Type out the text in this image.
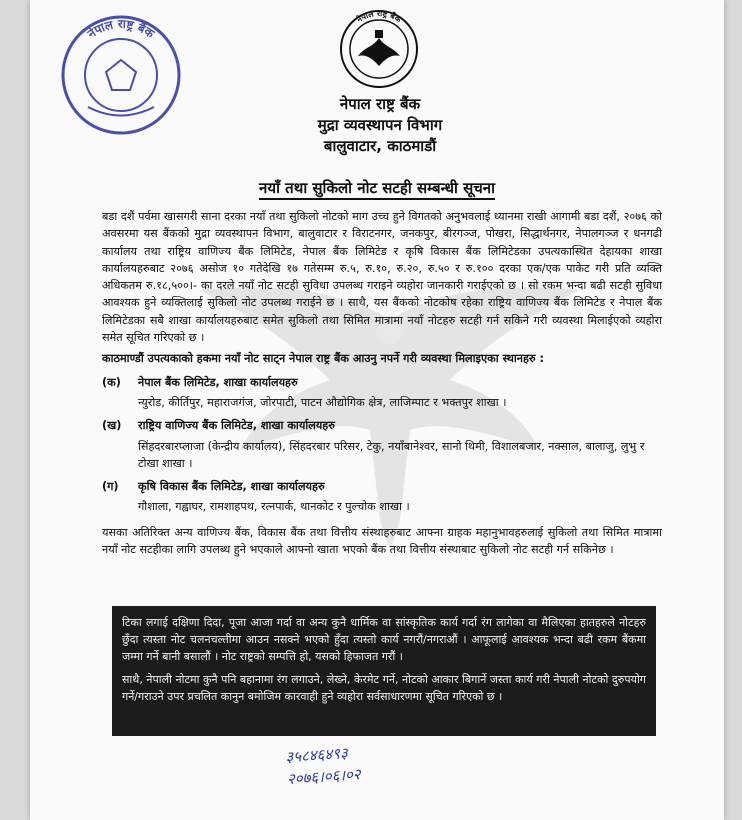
नेपाल राष्ट्र बैंक
नेपाल राष्ट्र बैंक
नेपाल राष्ट्र बैंक
मुद्रा व्यवस्थापन विभाग
बालुवाटार, काठमाडौं
नयाँ तथा सुकिलो नोट सटही सम्बन्धी सूचना

बडा दशैं पर्वमा खासगरी साना दरका नयाँ तथा सुकिलो नोटको माग उच्च हुने विगतको अनुभवलाई ध्यानमा राखी आगामी बडा दशैं, २०७६ को अवसरमा यस बैंकको मुद्रा व्यवस्थापन विभाग, बालुवाटार र विराटनगर, जनकपुर, बीरगञ्ज, पोखरा, सिद्धार्थनगर, नेपालगञ्ज र धनगढी कार्यालय तथा राष्ट्रिय वाणिज्य बैंक लिमिटेड, नेपाल बैंक लिमिटेड र कृषि विकास बैंक लिमिटेडका उपत्यकास्थित देहायका शाखा कार्यालयहरुबाट २०७६ असोज १० गतेदेखि १७ गतेसम्म रु.५, रु.१०, रु.२०, रु.५० र रु.१०० दरका एक/एक पाकेट गरी प्रति व्यक्ति अधिकतम रु.१८,५००।- का दरले नयाँ नोट सटही सुविधा उपलब्ध गराइने व्यहोरा जानकारी गराईएको छ । सो रकम भन्दा बढी सटही सुविधा आवश्यक हुने व्यक्तिलाई सुकिलो नोट उपलब्ध गराईने छ । साथै, यस बैंकको नोटकोष रहेका राष्ट्रिय वाणिज्य बैंक लिमिटेड र नेपाल बैंक लिमिटेडका सबै शाखा कार्यालयहरुबाट समेत सुकिलो तथा सिमित मात्रामा नयाँ नोटहरु सटही गर्न सकिने गरी व्यवस्था मिलाईएको व्यहोरा समेत सूचित गरिएको छ ।

काठमाण्डौं उपत्यकाको हकमा नयाँ नोट साट्न नेपाल राष्ट्र बैंक आउनु नपर्ने गरी व्यवस्था मिलाइएका स्थानहरु :
(क)	नेपाल बैंक लिमिटेड, शाखा कार्यालयहरु
न्युरोड, कीर्तिपुर, महाराजगंज, जोरपाटी, पाटन औद्योगिक क्षेत्र, लाजिम्पाट र भक्तपुर शाखा ।
(ख)	राष्ट्रिय वाणिज्य बैंक लिमिटेड, शाखा कार्यालयहरु
सिंहदरबारप्लाजा (केन्द्रीय कार्यालय), सिंहदरबार परिसर, टेकु, नयाँबानेश्वर, सानो थिमी, विशालबजार, नक्साल, बालाजु, लुभु र टोखा शाखा ।
(ग)	कृषि विकास बैंक लिमिटेड, शाखा कार्यालयहरु
गौशाला, गह्वाघर, रामशाहपथ, रत्नपार्क, थानकोट र पुल्चोक शाखा ।

यसका अतिरिक्त अन्य वाणिज्य बैंक, विकास बैंक तथा वित्तीय संस्थाहरुबाट आफ्ना ग्राहक महानुभावहरुलाई सुकिलो तथा सिमित मात्रामा नयाँ नोट सटहीका लागि उपलब्ध हुने भएकाले आफ्नो खाता भएको बैंक तथा वित्तीय संस्थाबाट सुकिलो नोट सटही गर्न सकिनेछ ।

टिका लगाई दक्षिणा दिदा, पूजा आजा गर्दा वा अन्य कुनै धार्मिक वा सांस्कृतिक कार्य गर्दा रंग लागेका वा मैलिएका हातहरुले नोटहरु छुँदा त्यस्ता नोट चलनचल्तीमा आउन नसक्ने भएको हुँदा त्यस्तो कार्य नगरौं/नगराऔं । आफूलाई आवश्यक भन्दा बढी रकम बैंकमा जम्मा गर्ने बानी बसालौं । नोट राष्ट्रको सम्पत्ति हो, यसको हिफाजत गरौं ।

साथै, नेपाली नोटमा कुनै पनि बहानामा रंग लगाउने, लेख्ने, केरमेट गर्ने, नोटको आकार बिगार्ने जस्ता कार्य गरी नेपाली नोटको दुरुपयोग गर्ने/गराउने उपर प्रचलित कानुन बमोजिम कारवाही हुने व्यहोरा सर्वसाधारणमा सूचित गरिएको छ ।

३५८४६४९३
२०७६।०६।०२
